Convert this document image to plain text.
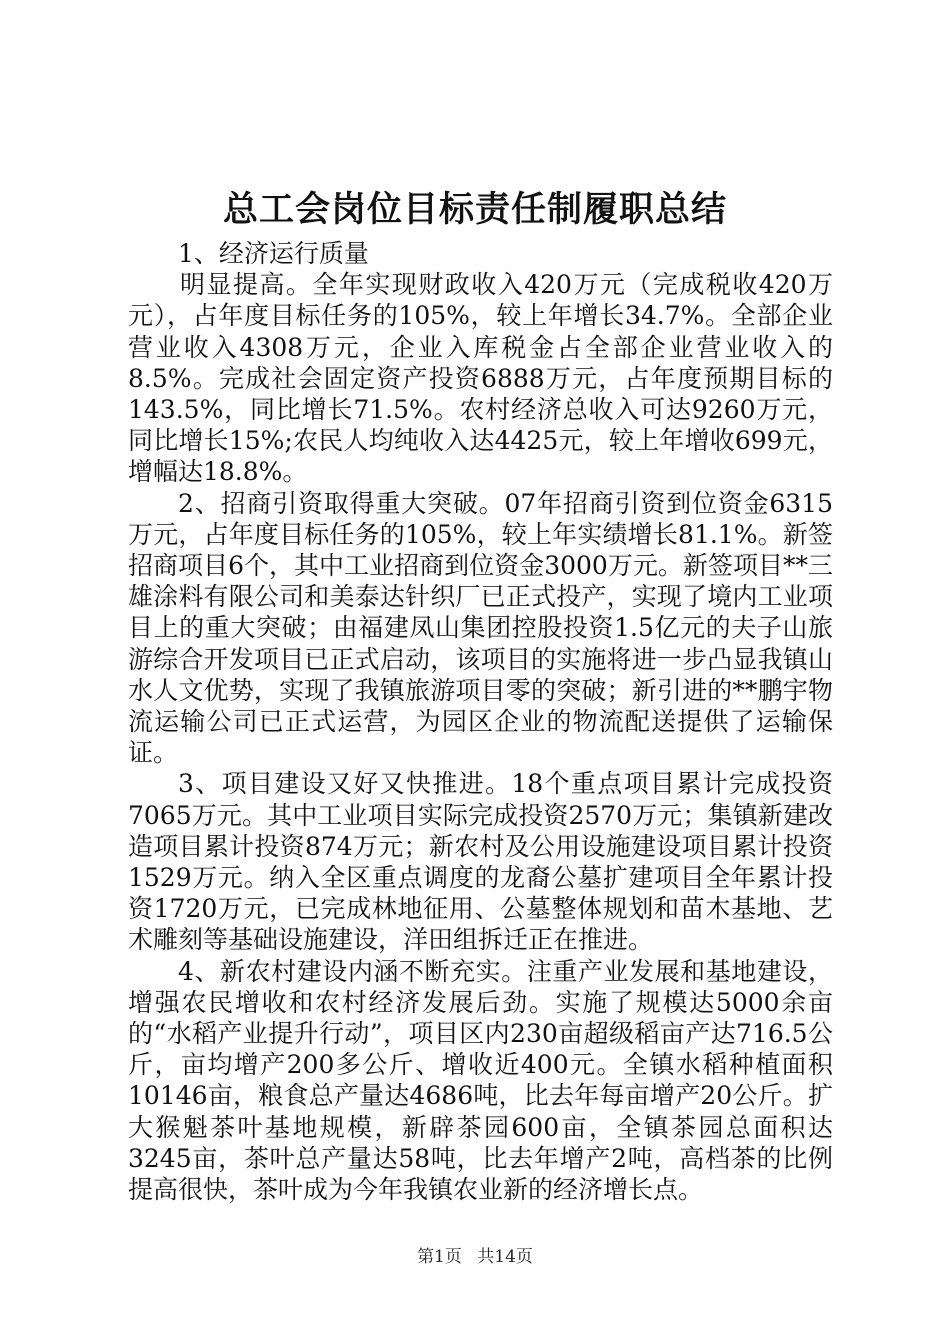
总工会岗位目标责任制履职总结

1、经济运行质量

明显提高。全年实现财政收入420万元（完成税收420万元），占年度目标任务的105%，较上年增长34.7%。全部企业营业收入4308万元，企业入库税金占全部企业营业收入的8.5%。完成社会固定资产投资6888万元，占年度预期目标的143.5%，同比增长71.5%。农村经济总收入可达9260万元，同比增长15%;农民人均纯收入达4425元，较上年增收699元，增幅达18.8%。

2、招商引资取得重大突破。07年招商引资到位资金6315万元，占年度目标任务的105%，较上年实绩增长81.1%。新签招商项目6个，其中工业招商到位资金3000万元。新签项目**三雄涂料有限公司和美泰达针织厂已正式投产，实现了境内工业项目上的重大突破；由福建凤山集团控股投资1.5亿元的夫子山旅游综合开发项目已正式启动，该项目的实施将进一步凸显我镇山水人文优势，实现了我镇旅游项目零的突破；新引进的**鹏宇物流运输公司已正式运营，为园区企业的物流配送提供了运输保证。

3、项目建设又好又快推进。18个重点项目累计完成投资7065万元。其中工业项目实际完成投资2570万元；集镇新建改造项目累计投资874万元；新农村及公用设施建设项目累计投资1529万元。纳入全区重点调度的龙裔公墓扩建项目全年累计投资1720万元，已完成林地征用、公墓整体规划和苗木基地、艺术雕刻等基础设施建设，洋田组拆迁正在推进。

4、新农村建设内涵不断充实。注重产业发展和基地建设，增强农民增收和农村经济发展后劲。实施了规模达5000余亩的“水稻产业提升行动”，项目区内230亩超级稻亩产达716.5公斤，亩均增产200多公斤、增收近400元。全镇水稻种植面积10146亩，粮食总产量达4686吨，比去年每亩增产20公斤。扩大猴魁茶叶基地规模，新辟茶园600亩，全镇茶园总面积达3245亩，茶叶总产量达58吨，比去年增产2吨，高档茶的比例提高很快，茶叶成为今年我镇农业新的经济增长点。

第1页 共14页
